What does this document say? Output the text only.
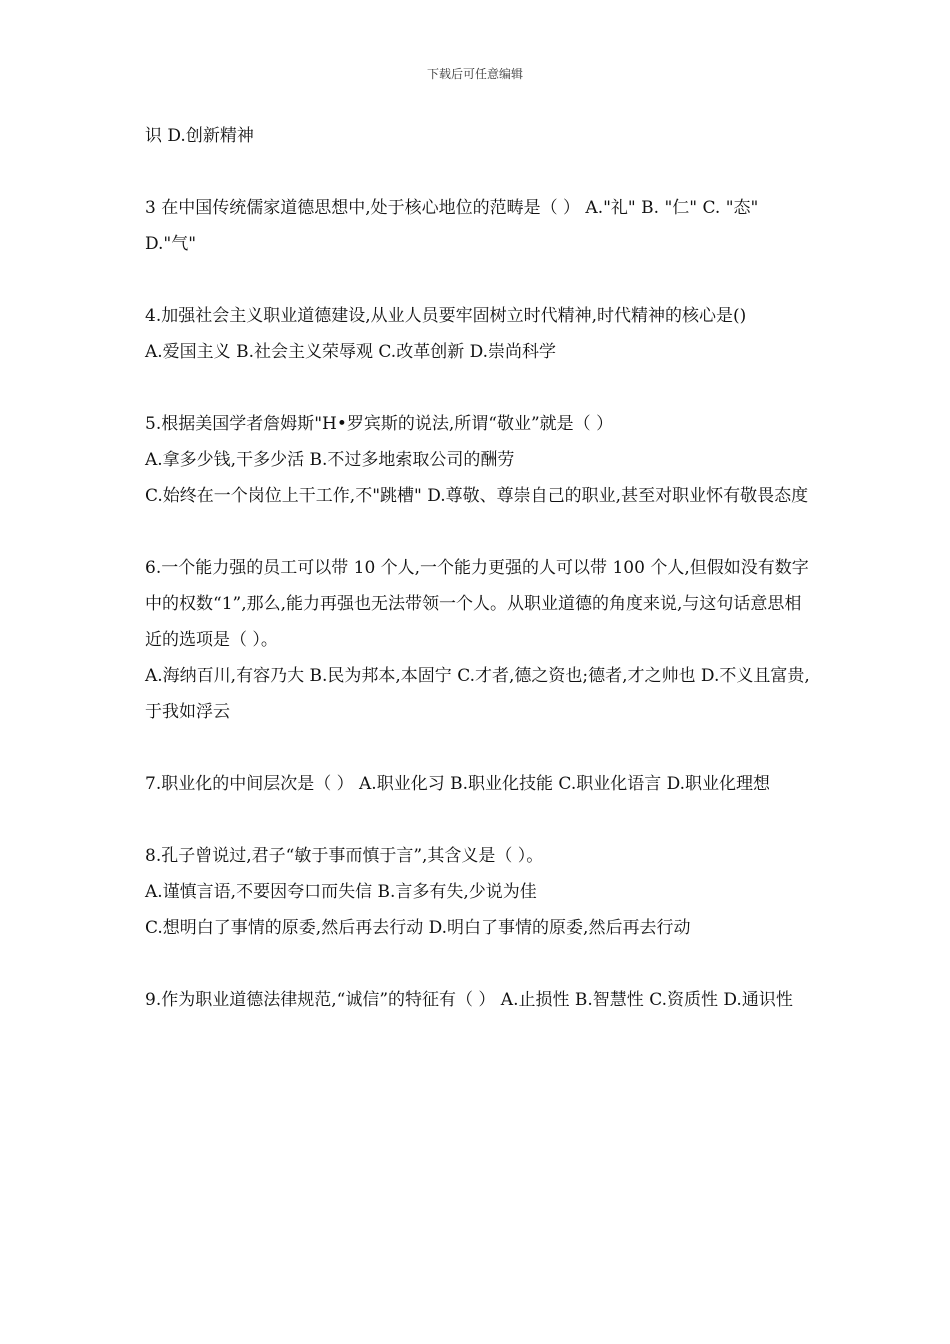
下载后可任意编辑

识 D.创新精神

3 在中国传统儒家道德思想中,处于核心地位的范畴是（ ） A."礼" B. "仁" C. "态" D."气"

4.加强社会主义职业道德建设,从业人员要牢固树立时代精神,时代精神的核心是()

A.爱国主义 B.社会主义荣辱观 C.改革创新 D.崇尚科学

5.根据美国学者詹姆斯"H•罗宾斯的说法,所谓“敬业”就是（ ）

A.拿多少钱,干多少活 B.不过多地索取公司的酬劳

C.始终在一个岗位上干工作,不"跳槽" D.尊敬、尊崇自己的职业,甚至对职业怀有敬畏态度

6.一个能力强的员工可以带 10 个人,一个能力更强的人可以带 100 个人,但假如没有数字中的权数“1”,那么,能力再强也无法带领一个人。从职业道德的角度来说,与这句话意思相近的选项是（ ）。

A.海纳百川,有容乃大 B.民为邦本,本固宁 C.才者,德之资也;德者,才之帅也 D.不义且富贵,于我如浮云

7.职业化的中间层次是（ ） A.职业化习 B.职业化技能 C.职业化语言 D.职业化理想

8.孔子曾说过,君子“敏于事而慎于言”,其含义是（ ）。

A.谨慎言语,不要因夸口而失信 B.言多有失,少说为佳

C.想明白了事情的原委,然后再去行动 D.明白了事情的原委,然后再去行动

9.作为职业道德法律规范,“诚信”的特征有（ ） A.止损性 B.智慧性 C.资质性 D.通识性
